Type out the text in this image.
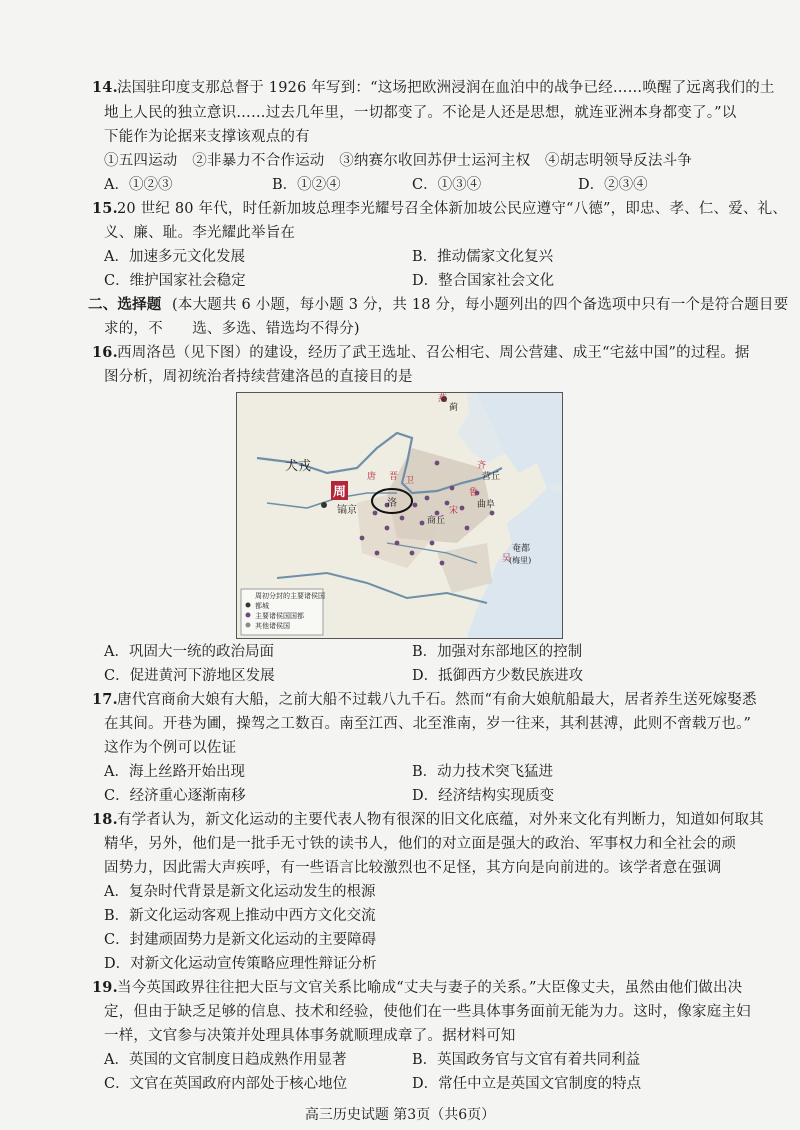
14. 法国驻印度支那总督于 1926 年写到：“这场把欧洲浸润在血泊中的战争已经……唤醒了远离我们的土
地上人民的独立意识……过去几年里，一切都变了。不论是人还是思想，就连亚洲本身都变了。”以
下能作为论据来支撑该观点的有
①五四运动　②非暴力不合作运动　③纳赛尔收回苏伊士运河主权　④胡志明领导反法斗争
A．①②③	B．①②④	C．①③④	D．②③④
15. 20 世纪 80 年代，时任新加坡总理李光耀号召全体新加坡公民应遵守“八德”，即忠、孝、仁、爱、礼、
义、廉、耻。李光耀此举旨在
A．加速多元文化发展	B．推动儒家文化复兴
C．维护国家社会稳定	D．整合国家社会文化
二、选择题 (本大题共 6 小题，每小题 3 分，共 18 分，每小题列出的四个备选项中只有一个是符合题目要
求的，不　　选、多选、错选均不得分)
16. 西周洛邑（见下图）的建设，经历了武王选址、召公相宅、周公营建、成王“宅兹中国”的过程。据
图分析，周初统治者持续营建洛邑的直接目的是
犬戎
周
镐京
洛
唐	卫
晋
燕
蓟
齐
营丘
鲁
曲阜
宋
商丘
奄都
吴
(梅里)
周初分封的主要诸侯国
都城
主要诸侯国国都
其他诸侯国
A．巩固大一统的政治局面	B．加强对东部地区的控制
C．促进黄河下游地区发展	D．抵御西方少数民族进攻
17. 唐代宫商俞大娘有大船，之前大船不过载八九千石。然而“有俞大娘航船最大，居者养生送死嫁娶悉
在其间。开巷为圃，操驾之工数百。南至江西、北至淮南，岁一往来，其利甚溥，此则不啻载万也。”
这作为个例可以佐证
A．海上丝路开始出现	B．动力技术突飞猛进
C．经济重心逐渐南移	D．经济结构实现质变
18. 有学者认为，新文化运动的主要代表人物有很深的旧文化底蕴，对外来文化有判断力，知道如何取其
精华，另外，他们是一批手无寸铁的读书人，他们的对立面是强大的政治、军事权力和全社会的顽
固势力，因此需大声疾呼，有一些语言比较激烈也不足怪，其方向是向前进的。该学者意在强调
A．复杂时代背景是新文化运动发生的根源
B．新文化运动客观上推动中西方文化交流
C．封建顽固势力是新文化运动的主要障碍
D．对新文化运动宣传策略应理性辩证分析
19. 当今英国政界往往把大臣与文官关系比喻成“丈夫与妻子的关系。”大臣像丈夫，虽然由他们做出决
定，但由于缺乏足够的信息、技术和经验，使他们在一些具体事务面前无能为力。这时，像家庭主妇
一样，文官参与决策并处理具体事务就顺理成章了。据材料可知
A．英国的文官制度日趋成熟作用显著	B．英国政务官与文官有着共同利益
C．文官在英国政府内部处于核心地位	D．常任中立是英国文官制度的特点
高三历史试题 第3页（共6页）
